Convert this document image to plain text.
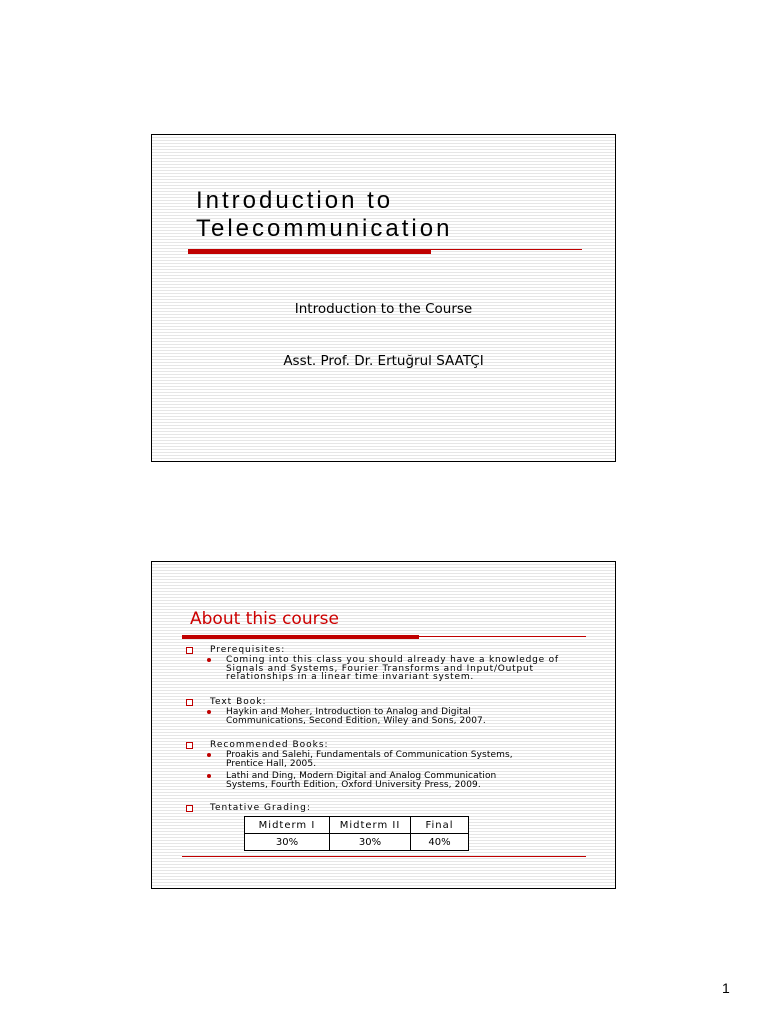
Introduction to
Telecommunication
Introduction to the Course
Asst. Prof. Dr. Ertuğrul SAATÇI
About this course
Prerequisites:
Coming into this class you should already have a knowledge of
Signals and Systems, Fourier Transforms and Input/Output
relationships in a linear time invariant system.
Text Book:
Haykin and Moher, Introduction to Analog and Digital
Communications, Second Edition, Wiley and Sons, 2007.
Recommended Books:
Proakis and Salehi, Fundamentals of Communication Systems,
Prentice Hall, 2005.
Lathi and Ding, Modern Digital and Analog Communication
Systems, Fourth Edition, Oxford University Press, 2009.
Tentative Grading:
Midterm I	Midterm II	Final
30%	30%	40%
1
